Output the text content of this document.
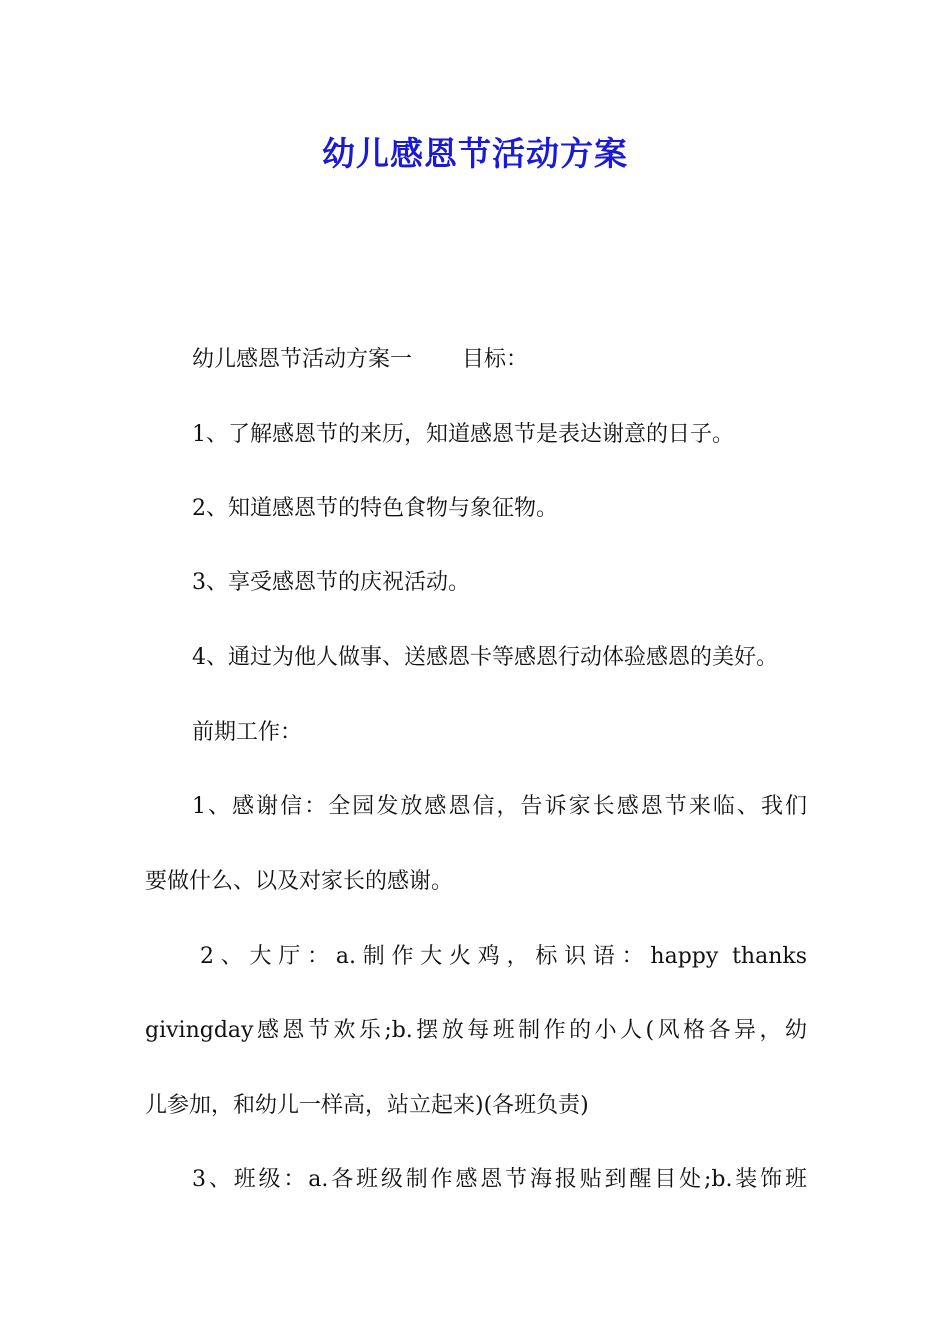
幼儿感恩节活动方案
幼儿感恩节活动方案一 目标：
1、了解感恩节的来历，知道感恩节是表达谢意的日子。
2、知道感恩节的特色食物与象征物。
3、享受感恩节的庆祝活动。
4、通过为他人做事、送感恩卡等感恩行动体验感恩的美好。
前期工作：
1、感谢信：全园发放感恩信，告诉家长感恩节来临、我们
要做什么、以及对家长的感谢。
2、大厅：a.制作大火鸡，标识语：happy thanks
givingday感恩节欢乐;b.摆放每班制作的小人(风格各异，幼
儿参加，和幼儿一样高，站立起来)(各班负责)
3、班级：a.各班级制作感恩节海报贴到醒目处;b.装饰班
